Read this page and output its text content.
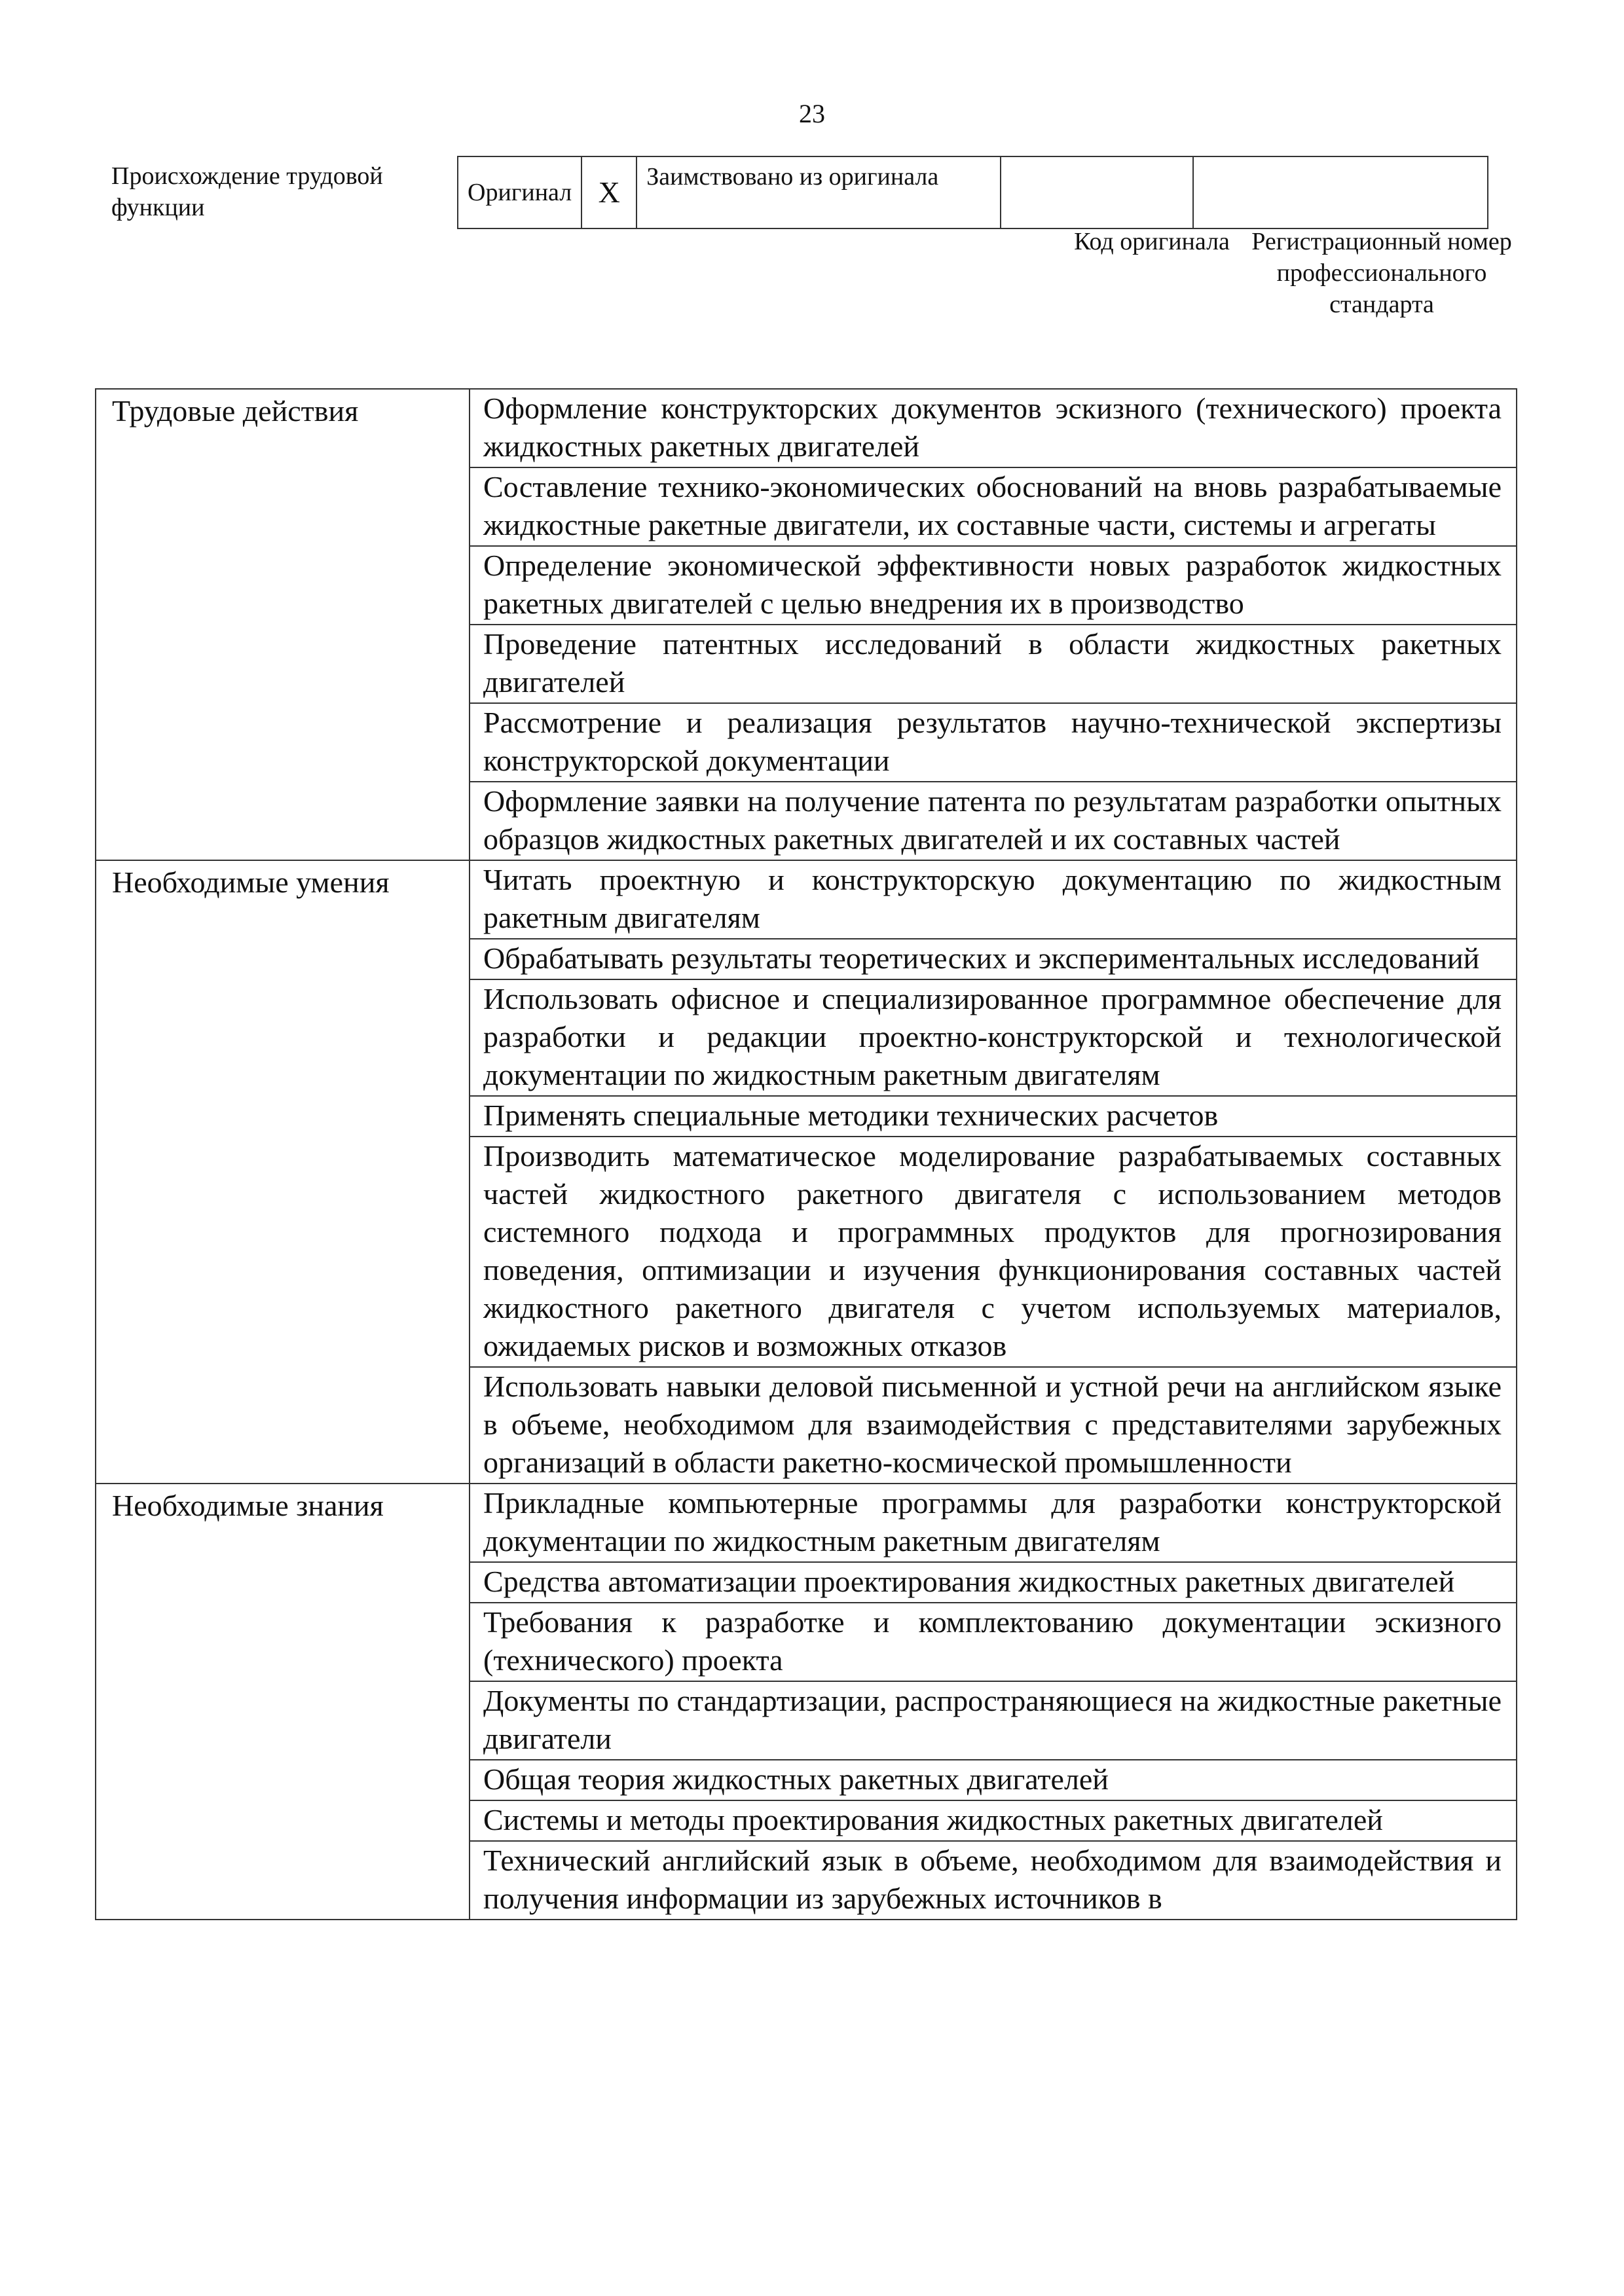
23
Происхождение трудовой функции
Оригинал	X	Заимствовано из оригинала		
Код оригинала Регистрационный номер профессионального стандарта
Трудовые действия	Оформление конструкторских документов эскизного (технического) проекта жидкостных ракетных двигателей
	Составление технико-экономических обоснований на вновь разрабатываемые жидкостные ракетные двигатели, их составные части, системы и агрегаты
	Определение экономической эффективности новых разработок жидкостных ракетных двигателей с целью внедрения их в производство
	Проведение патентных исследований в области жидкостных ракетных двигателей
	Рассмотрение и реализация результатов научно-технической экспертизы конструкторской документации
	Оформление заявки на получение патента по результатам разработки опытных образцов жидкостных ракетных двигателей и их составных частей
Необходимые умения	Читать проектную и конструкторскую документацию по жидкостным ракетным двигателям
	Обрабатывать результаты теоретических и экспериментальных исследований
	Использовать офисное и специализированное программное обеспечение для разработки и редакции проектно-конструкторской и технологической документации по жидкостным ракетным двигателям
	Применять специальные методики технических расчетов
	Производить математическое моделирование разрабатываемых составных частей жидкостного ракетного двигателя с использованием методов системного подхода и программных продуктов для прогнозирования поведения, оптимизации и изучения функционирования составных частей жидкостного ракетного двигателя с учетом используемых материалов, ожидаемых рисков и возможных отказов
	Использовать навыки деловой письменной и устной речи на английском языке в объеме, необходимом для взаимодействия с представителями зарубежных организаций в области ракетно-космической промышленности
Необходимые знания	Прикладные компьютерные программы для разработки конструкторской документации по жидкостным ракетным двигателям
	Средства автоматизации проектирования жидкостных ракетных двигателей
	Требования к разработке и комплектованию документации эскизного (технического) проекта
	Документы по стандартизации, распространяющиеся на жидкостные ракетные двигатели
	Общая теория жидкостных ракетных двигателей
	Системы и методы проектирования жидкостных ракетных двигателей
	Технический английский язык в объеме, необходимом для взаимодействия и получения информации из зарубежных источников в
